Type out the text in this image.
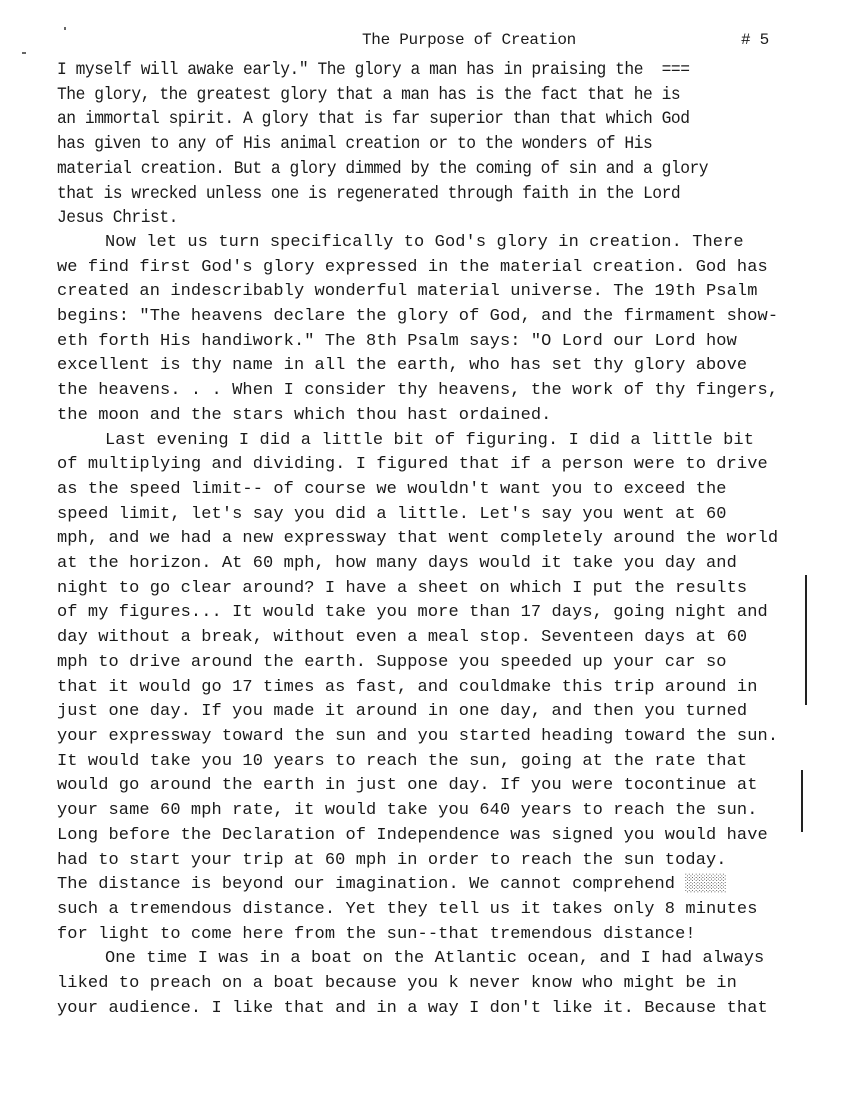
The Purpose of Creation	# 5
I myself will awake early." The glory a man has in praising the  ===
The glory, the greatest glory that a man has is the fact that he is
an immortal spirit. A glory that is far superior than that which God
has given to any of His animal creation or to the wonders of His
material creation. But a glory dimmed by the coming of sin and a glory
that is wrecked unless one is regenerated through faith in the Lord
Jesus Christ.
Now let us turn specifically to God's glory in creation. There
we find first God's glory expressed in the material creation. God has
created an indescribably wonderful material universe. The 19th Psalm
begins: "The heavens declare the glory of God, and the firmament show-
eth forth His handiwork." The 8th Psalm says: "O Lord our Lord how
excellent is thy name in all the earth, who has set thy glory above
the heavens. . . When I consider thy heavens, the work of thy fingers,
the moon and the stars which thou hast ordained.
Last evening I did a little bit of figuring. I did a little bit
of multiplying and dividing. I figured that if a person were to drive
as the speed limit-- of course we wouldn't want you to exceed the
speed limit, let's say you did a little. Let's say you went at 60
mph, and we had a new expressway that went completely around the world
at the horizon. At 60 mph, how many days would it take you day and
night to go clear around? I have a sheet on which I put the results
of my figures... It would take you more than 17 days, going night and
day without a break, without even a meal stop. Seventeen days at 60
mph to drive around the earth. Suppose you speeded up your car so
that it would go 17 times as fast, and couldmake this trip around in
just one day. If you made it around in one day, and then you turned
your expressway toward the sun and you started heading toward the sun.
It would take you 10 years to reach the sun, going at the rate that
would go around the earth in just one day. If you were tocontinue at
your same 60 mph rate, it would take you 640 years to reach the sun.
Long before the Declaration of Independence was signed you would have
had to start your trip at 60 mph in order to reach the sun today.
The distance is beyond our imagination. We cannot comprehend ░░░░
such a tremendous distance. Yet they tell us it takes only 8 minutes
for light to come here from the sun--that tremendous distance!
One time I was in a boat on the Atlantic ocean, and I had always
liked to preach on a boat because you k never know who might be in
your audience. I like that and in a way I don't like it. Because that
